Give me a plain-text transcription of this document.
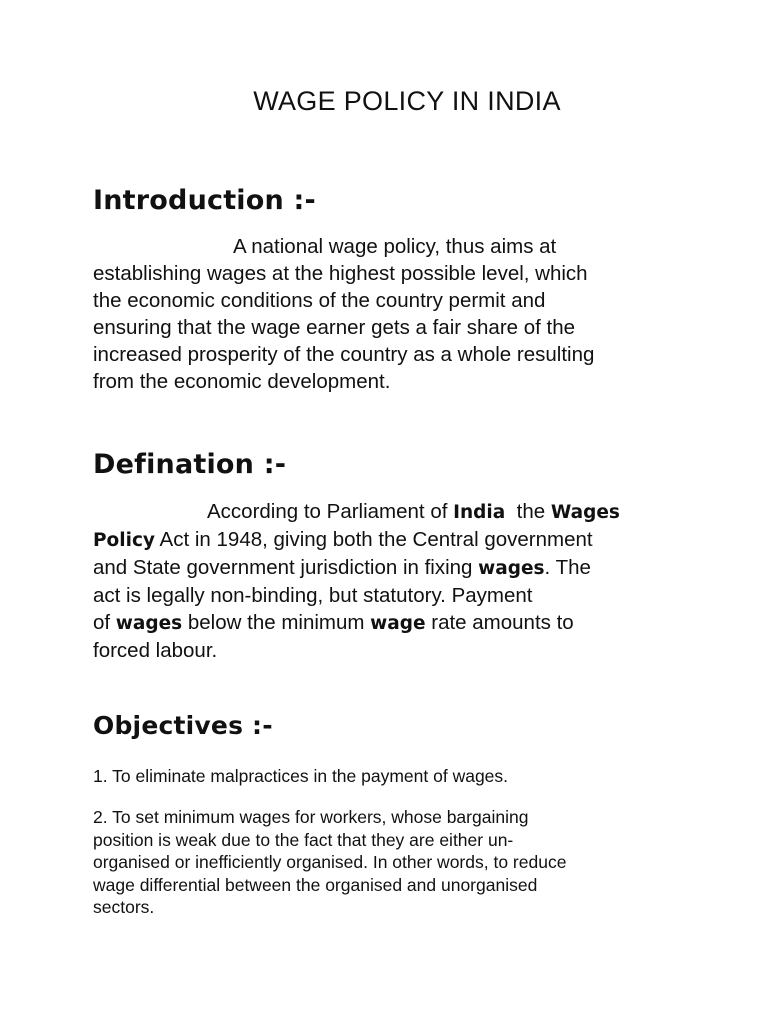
WAGE POLICY IN INDIA
Introduction :-
A national wage policy, thus aims at
establishing wages at the highest possible level, which
the economic conditions of the country permit and
ensuring that the wage earner gets a fair share of the
increased prosperity of the country as a whole resulting
from the economic development.
Defination :-
According to Parliament of India  the Wages
Policy Act in 1948, giving both the Central government
and State government jurisdiction in fixing wages. The
act is legally non-binding, but statutory. Payment
of wages below the minimum wage rate amounts to
forced labour.
Objectives :-
1. To eliminate malpractices in the payment of wages.
2. To set minimum wages for workers, whose bargaining
position is weak due to the fact that they are either un-
organised or inefficiently organised. In other words, to reduce
wage differential between the organised and unorganised
sectors.
